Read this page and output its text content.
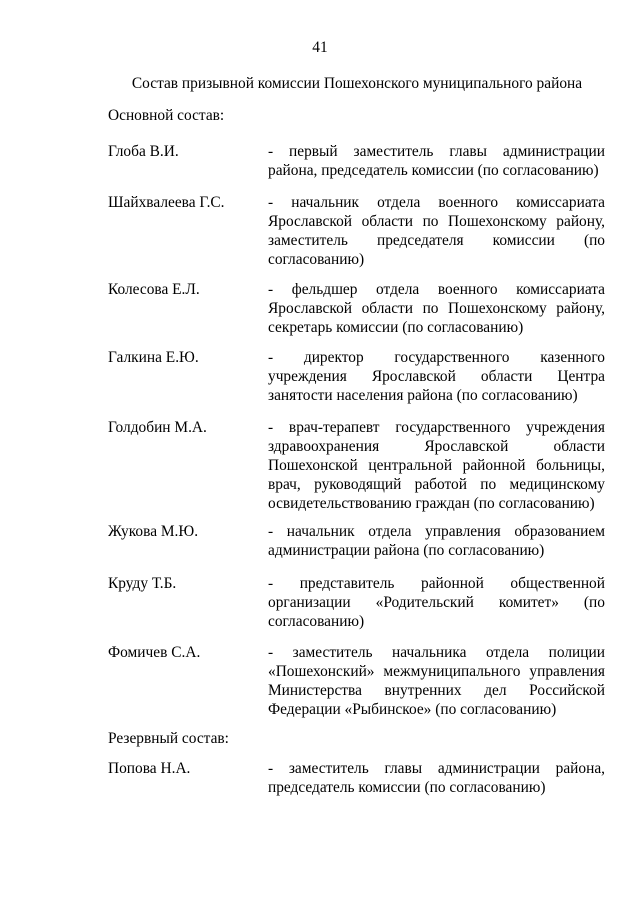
41
Состав призывной комиссии Пошехонского муниципального района
Основной состав:
Глоба В.И.	- первый заместитель главы администрации района, председатель комиссии (по согласованию)
Шайхвалеева Г.С.	- начальник отдела военного комиссариата Ярославской области по Пошехонскому району, заместитель председателя комиссии (по согласованию)
Колесова Е.Л.	- фельдшер отдела военного комиссариата Ярославской области по Пошехонскому району, секретарь комиссии (по согласованию)
Галкина Е.Ю.	- директор государственного казенного учреждения Ярославской области Центра занятости населения района (по согласованию)
Голдобин М.А.	- врач-терапевт государственного учреждения здравоохранения Ярославской области Пошехонской центральной районной больницы, врач, руководящий работой по медицинскому освидетельствованию граждан (по согласованию)
Жукова М.Ю.	- начальник отдела управления образованием администрации района (по согласованию)
Круду Т.Б.	- представитель районной общественной организации «Родительский комитет» (по согласованию)
Фомичев С.А.	- заместитель начальника отдела полиции «Пошехонский» межмуниципального управления Министерства внутренних дел Российской Федерации «Рыбинское» (по согласованию)
Резервный состав:
Попова Н.А.	- заместитель главы администрации района, председатель комиссии (по согласованию)
